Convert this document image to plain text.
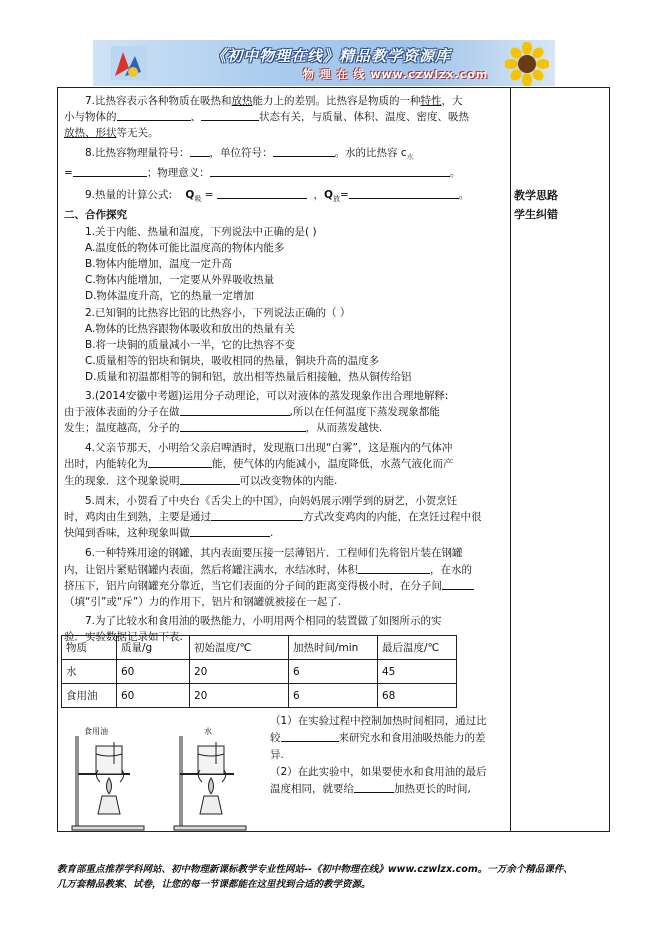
《初中物理在线》精品教学资源库
物 理 在 线 www.czwlzx.com
教学思路
学生纠错

7.比热容表示各种物质在吸热和放热能力上的差别。比热容是物质的一种特性，大

小与物体的	、	状态有关，与质量、体积、温度、密度、吸热

放热、形状等无关。

8.比热容物理量符号： ，单位符号：	。水的比热容 $c_水$

=	；物理意义：	。

9.热量的计算公式: $Q_吸$ =	，$Q_放=$	。

二、合作探究

1.关于内能、热量和温度，下列说法中正确的是( )

A.温度低的物体可能比温度高的物体内能多

B.物体内能增加，温度一定升高

C.物体内能增加，一定要从外界吸收热量

D.物体温度升高，它的热量一定增加

2.已知铜的比热容比铝的比热容小，下列说法正确的（ ）

A.物体的比热容跟物体吸收和放出的热量有关

B.将一块铜的质量减小一半，它的比热容不变

C.质量相等的铝块和铜块，吸收相同的热量，铜块升高的温度多

D.质量和初温都相等的铜和铝，放出相等热量后相接触，热从铜传给铝

3.(2014安徽中考题)运用分子动理论，可以对液体的蒸发现象作出合理地解释:

由于液体表面的分子在做	,所以在任何温度下蒸发现象都能

发生；温度越高，分子的	，从而蒸发越快.

4.父亲节那天，小明给父亲启啤酒时，发现瓶口出现“白雾”，这是瓶内的气体冲

出时，内能转化为	能，使气体的内能减小，温度降低，水蒸气液化而产

生的现象．这个现象说明	可以改变物体的内能.

5.周末，小贺看了中央台《舌尖上的中国》，向妈妈展示刚学到的厨艺，小贺烹饪

时，鸡肉由生到熟，主要是通过	方式改变鸡肉的内能，在烹饪过程中很

快闻到香味，这种现象叫做	.

6.一种特殊用途的钢罐，其内表面要压接一层薄铝片．工程师们先将铝片装在钢罐

内，让铝片紧贴钢罐内表面，然后将罐注满水，水结冰时，体积	，在水的

挤压下，铝片向钢罐充分靠近，当它们表面的分子间的距离变得极小时，在分子间

（填“引”或“斥”）力的作用下，铝片和钢罐就被接在一起了.

7.为了比较水和食用油的吸热能力，小明用两个相同的装置做了如图所示的实

验．实验数据记录如下表.

物质	质量/g	初始温度/℃	加热时间/min	最后温度/℃
水	60	20	6	45
食用油	60	20	6	68
食用油	水

（1）在实验过程中控制加热时间相同，通过比

较	来研究水和食用油吸热能力的差

异.

（2）在此实验中，如果要使水和食用油的最后

温度相同，就要给	加热更长的时间,

教育部重点推荐学科网站、初中物理新课标教学专业性网站--《初中物理在线》www.czwlzx.com。一万余个精品课件、
几万套精品教案、试卷，让您的每一节课都能在这里找到合适的教学资源。
